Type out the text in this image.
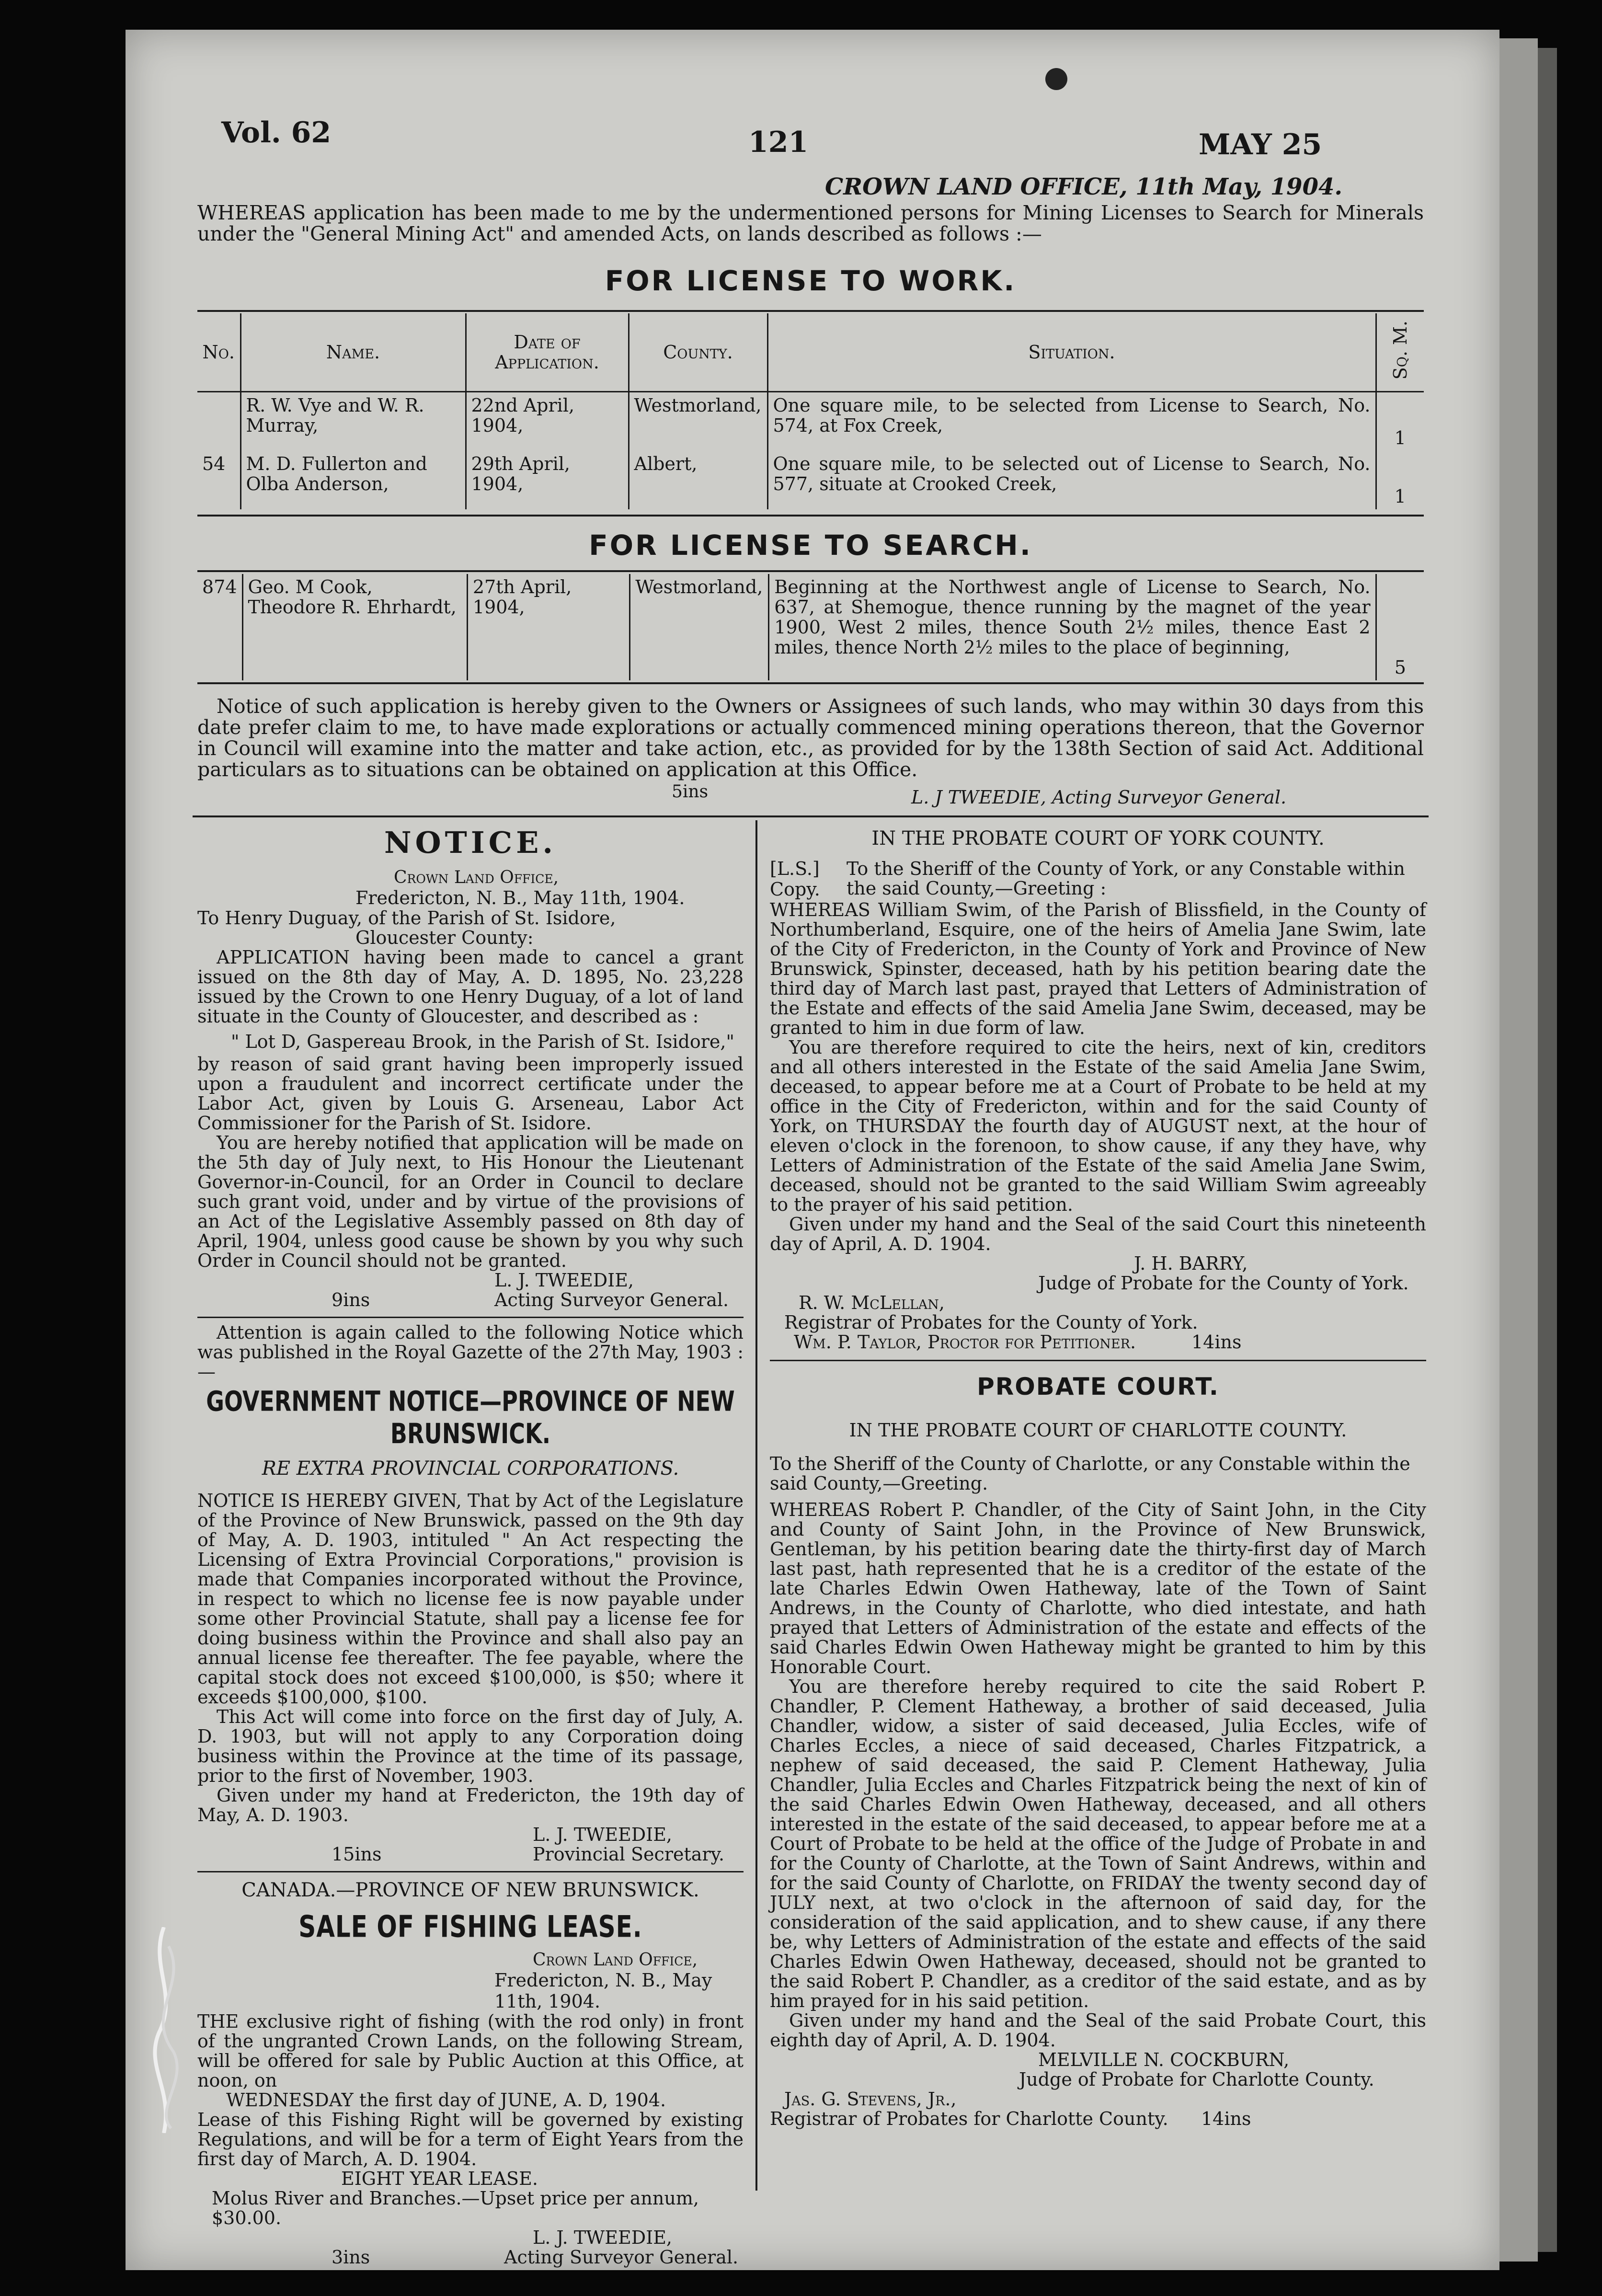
Vol. 62	121	MAY 25
CROWN LAND OFFICE, 11th May, 1904.

WHEREAS application has been made to me by the undermentioned persons for Mining Licenses to Search for Minerals under the "General Mining Act" and amended Acts, on lands described as follows :—

FOR LICENSE TO WORK.
No.	Name.	Date of Application.	County.	Situation.	Sq. M.
	R. W. Vye and W. R. Murray,	22nd April, 1904,	Westmorland,	One square mile, to be selected from License to Search, No. 574, at Fox Creek,	1
54	M. D. Fullerton and Olba Anderson,	29th April, 1904,	Albert,	One square mile, to be selected out of License to Search, No. 577, situate at Crooked Creek,	1
FOR LICENSE TO SEARCH.
874	Geo. M Cook, Theodore R. Ehrhardt,	27th April, 1904,	Westmorland,	Beginning at the Northwest angle of License to Search, No. 637, at Shemogue, thence running by the magnet of the year 1900, West 2 miles, thence South 2½ miles, thence East 2 miles, thence North 2½ miles to the place of beginning,	5

Notice of such application is hereby given to the Owners or Assignees of such lands, who may within 30 days from this date prefer claim to me, to have made explorations or actually commenced mining operations thereon, that the Governor in Council will examine into the matter and take action, etc., as provided for by the 138th Section of said Act. Additional particulars as to situations can be obtained on application at this Office.

5ins	L. J TWEEDIE, Acting Surveyor General.
NOTICE.
Crown Land Office,
Fredericton, N. B., May 11th, 1904.
To Henry Duguay, of the Parish of St. Isidore,
Gloucester County:

APPLICATION having been made to cancel a grant issued on the 8th day of May, A. D. 1895, No. 23,228 issued by the Crown to one Henry Duguay, of a lot of land situate in the County of Gloucester, and described as :

" Lot D, Gaspereau Brook, in the Parish of St. Isidore,"

by reason of said grant having been improperly issued upon a fraudulent and incorrect certificate under the Labor Act, given by Louis G. Arseneau, Labor Act Commissioner for the Parish of St. Isidore.

You are hereby notified that application will be made on the 5th day of July next, to His Honour the Lieutenant Governor-in-Council, for an Order in Council to declare such grant void, under and by virtue of the provisions of an Act of the Legislative Assembly passed on 8th day of April, 1904, unless good cause be shown by you why such Order in Council should not be granted.

L. J. TWEEDIE,
9ins	Acting Surveyor General.

Attention is again called to the following Notice which was published in the Royal Gazette of the 27th May, 1903 :—

GOVERNMENT NOTICE—PROVINCE OF NEW BRUNSWICK.
RE EXTRA PROVINCIAL CORPORATIONS.

NOTICE IS HEREBY GIVEN, That by Act of the Legislature of the Province of New Brunswick, passed on the 9th day of May, A. D. 1903, intituled " An Act respecting the Licensing of Extra Provincial Corporations," provision is made that Companies incorporated without the Province, in respect to which no license fee is now payable under some other Provincial Statute, shall pay a license fee for doing business within the Province and shall also pay an annual license fee thereafter. The fee payable, where the capital stock does not exceed $100,000, is $50; where it exceeds $100,000, $100.

This Act will come into force on the first day of July, A. D. 1903, but will not apply to any Corporation doing business within the Province at the time of its passage, prior to the first of November, 1903.

Given under my hand at Fredericton, the 19th day of May, A. D. 1903.

L. J. TWEEDIE,
15ins	Provincial Secretary.
CANADA.—PROVINCE OF NEW BRUNSWICK.
SALE OF FISHING LEASE.
Crown Land Office,
Fredericton, N. B., May 11th, 1904.

THE exclusive right of fishing (with the rod only) in front of the ungranted Crown Lands, on the following Stream, will be offered for sale by Public Auction at this Office, at noon, on

WEDNESDAY the first day of JUNE, A. D, 1904.

Lease of this Fishing Right will be governed by existing Regulations, and will be for a term of Eight Years from the first day of March, A. D. 1904.

EIGHT YEAR LEASE.
Molus River and Branches.—Upset price per annum, $30.00.
L. J. TWEEDIE,
3ins	Acting Surveyor General.
IN THE PROBATE COURT OF YORK COUNTY.
[L.S.] To the Sheriff of the County of York, or any Constable within the said County,—Greeting :
Copy.

WHEREAS William Swim, of the Parish of Blissfield, in the County of Northumberland, Esquire, one of the heirs of Amelia Jane Swim, late of the City of Fredericton, in the County of York and Province of New Brunswick, Spinster, deceased, hath by his petition bearing date the third day of March last past, prayed that Letters of Administration of the Estate and effects of the said Amelia Jane Swim, deceased, may be granted to him in due form of law.

You are therefore required to cite the heirs, next of kin, creditors and all others interested in the Estate of the said Amelia Jane Swim, deceased, to appear before me at a Court of Probate to be held at my office in the City of Fredericton, within and for the said County of York, on THURSDAY the fourth day of AUGUST next, at the hour of eleven o'clock in the forenoon, to show cause, if any they have, why Letters of Administration of the Estate of the said Amelia Jane Swim, deceased, should not be granted to the said William Swim agreeably to the prayer of his said petition.

Given under my hand and the Seal of the said Court this nineteenth day of April, A. D. 1904.

J. H. BARRY,
Judge of Probate for the County of York.
R. W. McLellan,
Registrar of Probates for the County of York.
Wm. P. Taylor, Proctor for Petitioner.	14ins
PROBATE COURT.
IN THE PROBATE COURT OF CHARLOTTE COUNTY.

To the Sheriff of the County of Charlotte, or any Constable within the said County,—Greeting.

WHEREAS Robert P. Chandler, of the City of Saint John, in the City and County of Saint John, in the Province of New Brunswick, Gentleman, by his petition bearing date the thirty-first day of March last past, hath represented that he is a creditor of the estate of the late Charles Edwin Owen Hatheway, late of the Town of Saint Andrews, in the County of Charlotte, who died intestate, and hath prayed that Letters of Administration of the estate and effects of the said Charles Edwin Owen Hatheway might be granted to him by this Honorable Court.

You are therefore hereby required to cite the said Robert P. Chandler, P. Clement Hatheway, a brother of said deceased, Julia Chandler, widow, a sister of said deceased, Julia Eccles, wife of Charles Eccles, a niece of said deceased, Charles Fitzpatrick, a nephew of said deceased, the said P. Clement Hatheway, Julia Chandler, Julia Eccles and Charles Fitzpatrick being the next of kin of the said Charles Edwin Owen Hatheway, deceased, and all others interested in the estate of the said deceased, to appear before me at a Court of Probate to be held at the office of the Judge of Probate in and for the County of Charlotte, at the Town of Saint Andrews, within and for the said County of Charlotte, on FRIDAY the twenty second day of JULY next, at two o'clock in the afternoon of said day, for the consideration of the said application, and to shew cause, if any there be, why Letters of Administration of the estate and effects of the said Charles Edwin Owen Hatheway, deceased, should not be granted to the said Robert P. Chandler, as a creditor of the said estate, and as by him prayed for in his said petition.

Given under my hand and the Seal of the said Probate Court, this eighth day of April, A. D. 1904.

MELVILLE N. COCKBURN,
Judge of Probate for Charlotte County.
Jas. G. Stevens, Jr.,
Registrar of Probates for Charlotte County. 14ins
